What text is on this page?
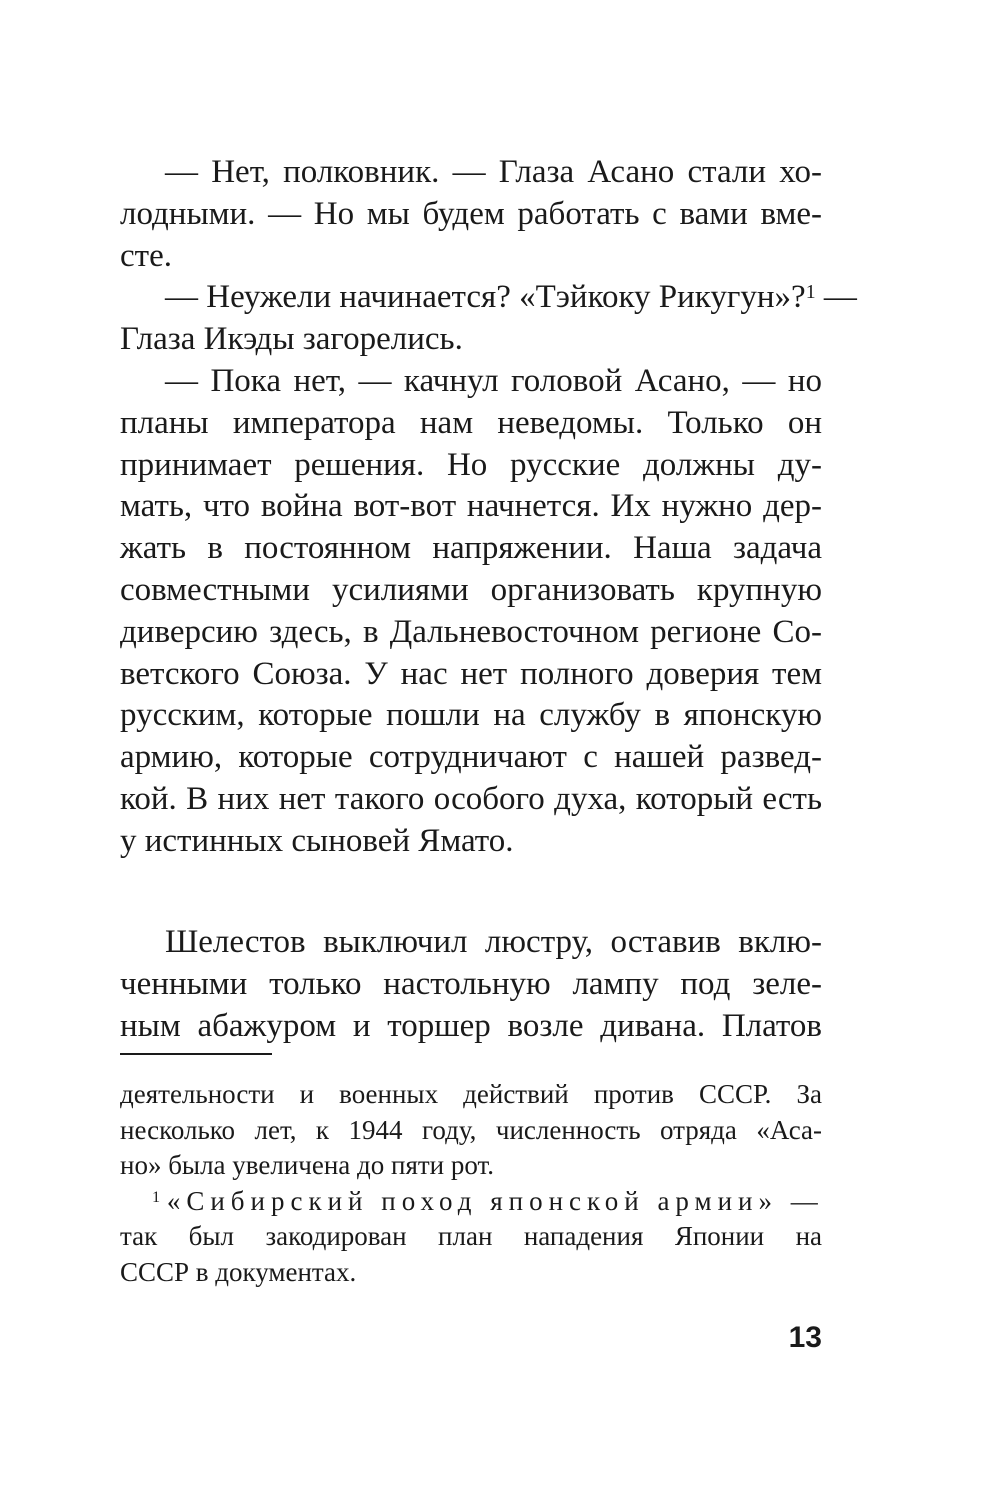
— Нет, полковник. — Глаза Асано стали хо-
лодными. — Но мы будем работать с вами вме-
сте.
— Неужели начинается? «Тэйкоку Рикугун»?$^1$ —
Глаза Икэды загорелись.
— Пока нет, — качнул головой Асано, — но
планы императора нам неведомы. Только он
принимает решения. Но русские должны ду-
мать, что война вот-вот начнется. Их нужно дер-
жать в постоянном напряжении. Наша задача
совместными усилиями организовать крупную
диверсию здесь, в Дальневосточном регионе Со-
ветского Союза. У нас нет полного доверия тем
русским, которые пошли на службу в японскую
армию, которые сотрудничают с нашей развед-
кой. В них нет такого особого духа, который есть
у истинных сыновей Ямато.
Шелестов выключил люстру, оставив вклю-
ченными только настольную лампу под зеле-
ным абажуром и торшер возле дивана. Платов
деятельности и военных действий против СССР. За
несколько лет, к 1944 году, численность отряда «Аса-
но» была увеличена до пяти рот.
$^1$ «Сибирский поход японской армии» —
так был закодирован план нападения Японии на
СССР в документах.
13
